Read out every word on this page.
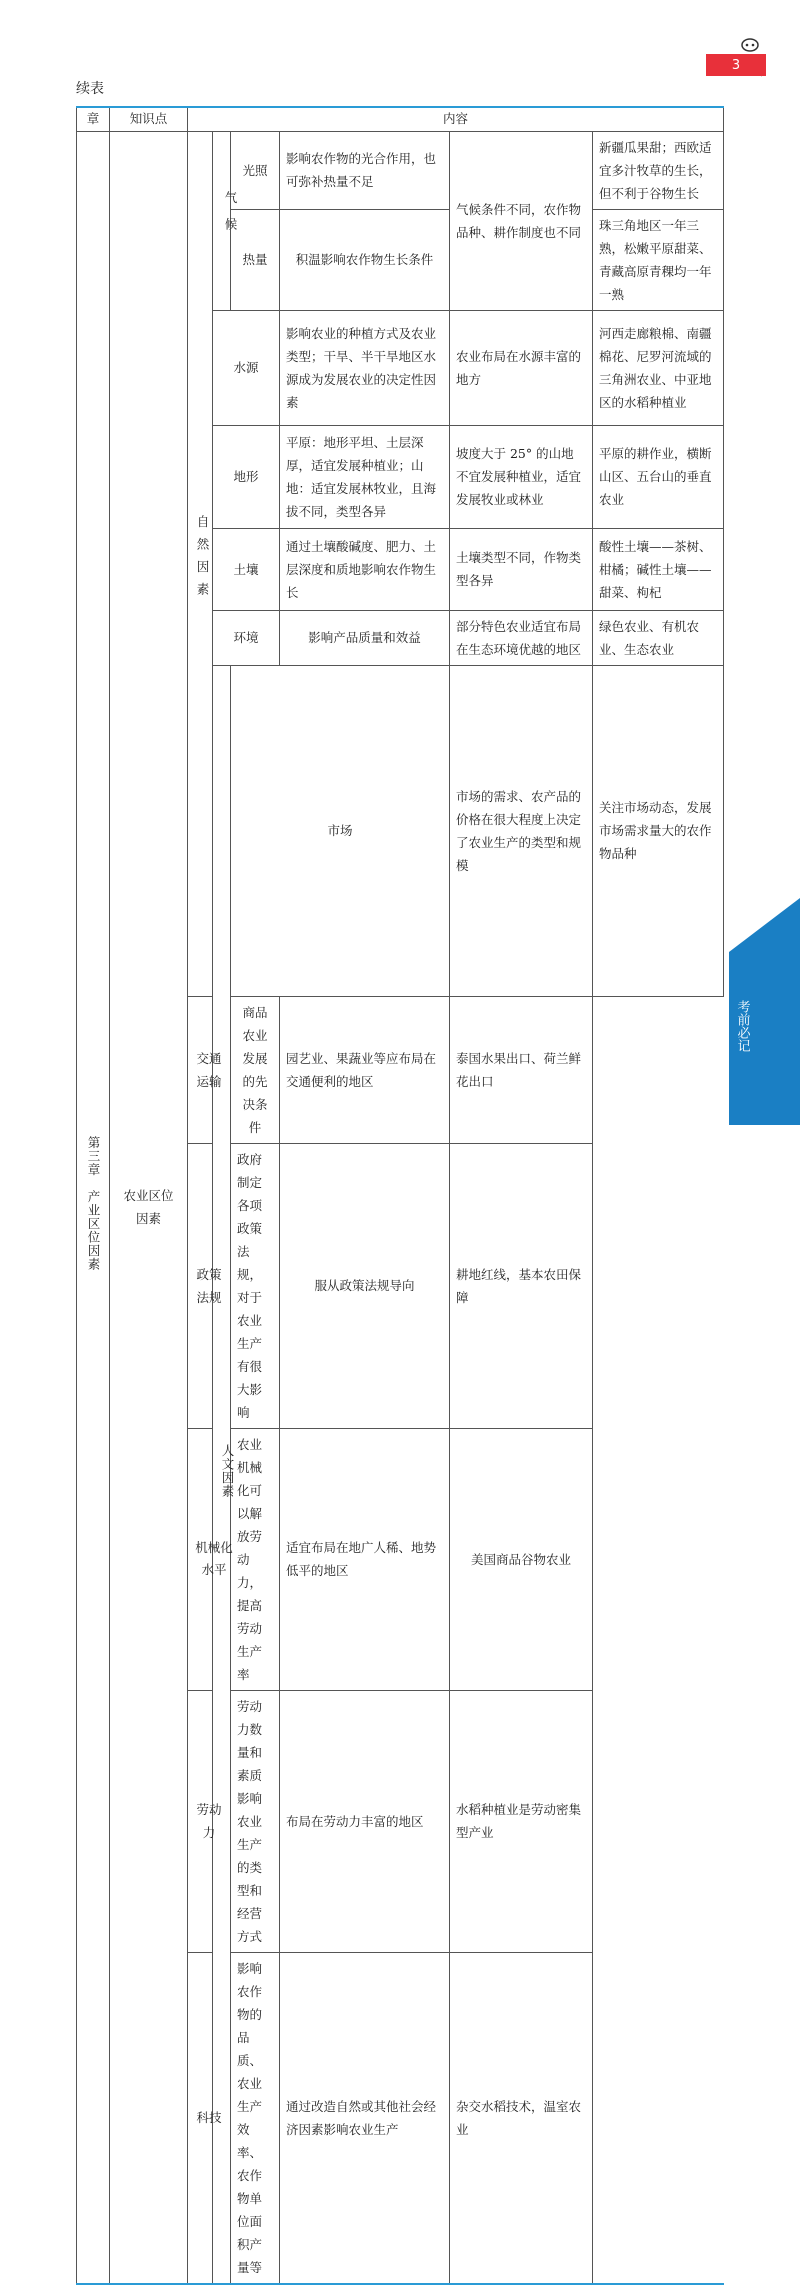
3
续表
章	知识点	内容						
第三章　产业区位因素	农业区位因素	自然因素	气候	光照	影响农作物的光合作用，也可弥补热量不足	气候条件不同，农作物品种、耕作制度也不同	新疆瓜果甜；西欧适宜多汁牧草的生长，但不利于谷物生长	
				热量	积温影响农作物生长条件		珠三角地区一年三熟，松嫩平原甜菜、青藏高原青稞均一年一熟	
			水源		影响农业的种植方式及农业类型；干旱、半干旱地区水源成为发展农业的决定性因素	农业布局在水源丰富的地方	河西走廊粮棉、南疆棉花、尼罗河流域的三角洲农业、中亚地区的水稻种植业	
			地形		平原：地形平坦、土层深厚，适宜发展种植业；山地：适宜发展林牧业，且海拔不同，类型各异	坡度大于 25° 的山地不宜发展种植业，适宜发展牧业或林业	平原的耕作业，横断山区、五台山的垂直农业	
			土壤		通过土壤酸碱度、肥力、土层深度和质地影响农作物生长	土壤类型不同，作物类型各异	酸性土壤——茶树、柑橘；碱性土壤——甜菜、枸杞	
			环境		影响产品质量和效益	部分特色农业适宜布局在生态环境优越的地区	绿色农业、有机农业、生态农业	
			人文因素	市场		市场的需求、农产品的价格在很大程度上决定了农业生产的类型和规模	关注市场动态，发展市场需求量大的农作物品种	
		交通运输		商品农业发展的先决条件	园艺业、果蔬业等应布局在交通便利的地区	泰国水果出口、荷兰鲜花出口		
		政策法规		政府制定各项政策法规，对于农业生产有很大影响	服从政策法规导向	耕地红线，基本农田保障		
		机械化水平		农业机械化可以解放劳动力，提高劳动生产率	适宜布局在地广人稀、地势低平的地区	美国商品谷物农业		
		劳动力		劳动力数量和素质影响农业生产的类型和经营方式	布局在劳动力丰富的地区	水稻种植业是劳动密集型产业		
		科技		影响农作物的品质、农业生产效率、农作物单位面积产量等	通过改造自然或其他社会经济因素影响农业生产	杂交水稻技术，温室农业		
考前必记
